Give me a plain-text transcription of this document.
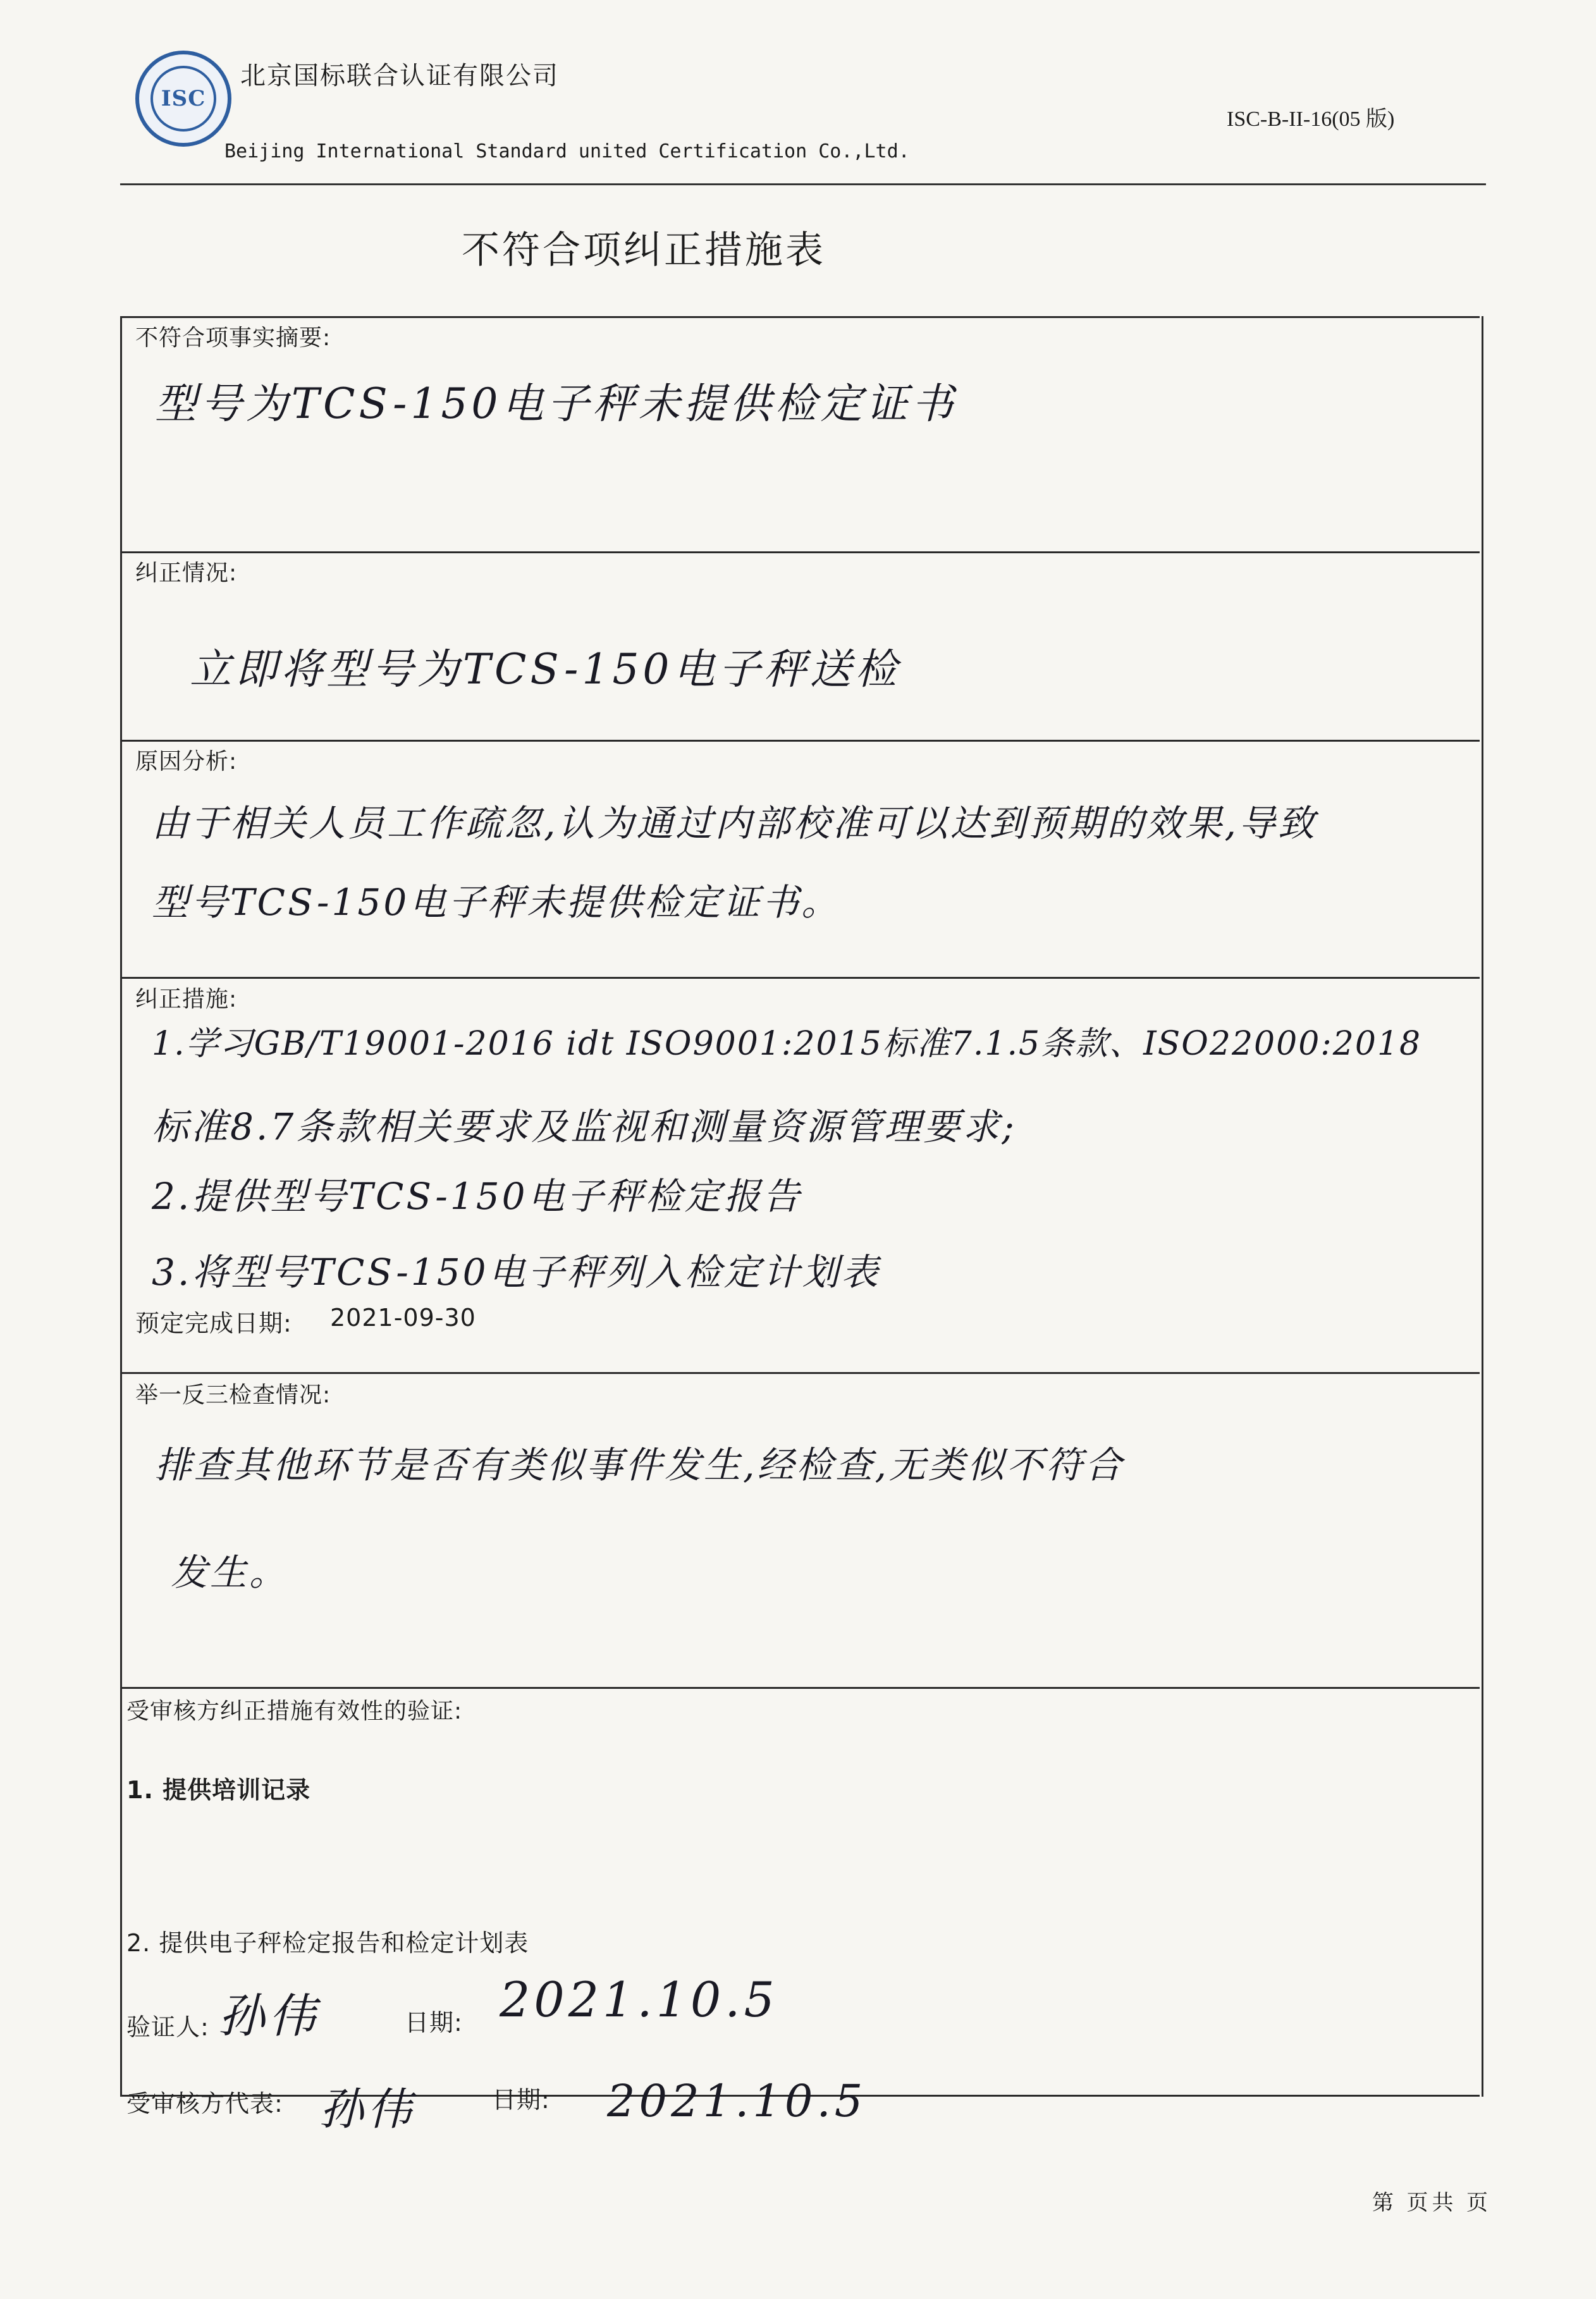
ISC
北京国标联合认证有限公司
Beijing International Standard united Certification Co.,Ltd.
ISC-B-II-16(05 版)
不符合项纠正措施表
不符合项事实摘要:
型号为TCS-150电子秤未提供检定证书
纠正情况:
立即将型号为TCS-150电子秤送检
原因分析:
由于相关人员工作疏忽,认为通过内部校准可以达到预期的效果,导致
型号TCS-150电子秤未提供检定证书。
纠正措施:
1.学习GB/T19001-2016 idt ISO9001:2015标准7.1.5条款、ISO22000:2018
标准8.7条款相关要求及监视和测量资源管理要求;
2.提供型号TCS-150电子秤检定报告
3.将型号TCS-150电子秤列入检定计划表
预定完成日期: 2021-09-30
举一反三检查情况:
排查其他环节是否有类似事件发生,经检查,无类似不符合
发生。
受审核方纠正措施有效性的验证:
1. 提供培训记录
2. 提供电子秤检定报告和检定计划表
验证人: 孙伟	日期: 2021.10.5
受审核方代表: 孙伟	日期: 2021.10.5
第 页共 页
